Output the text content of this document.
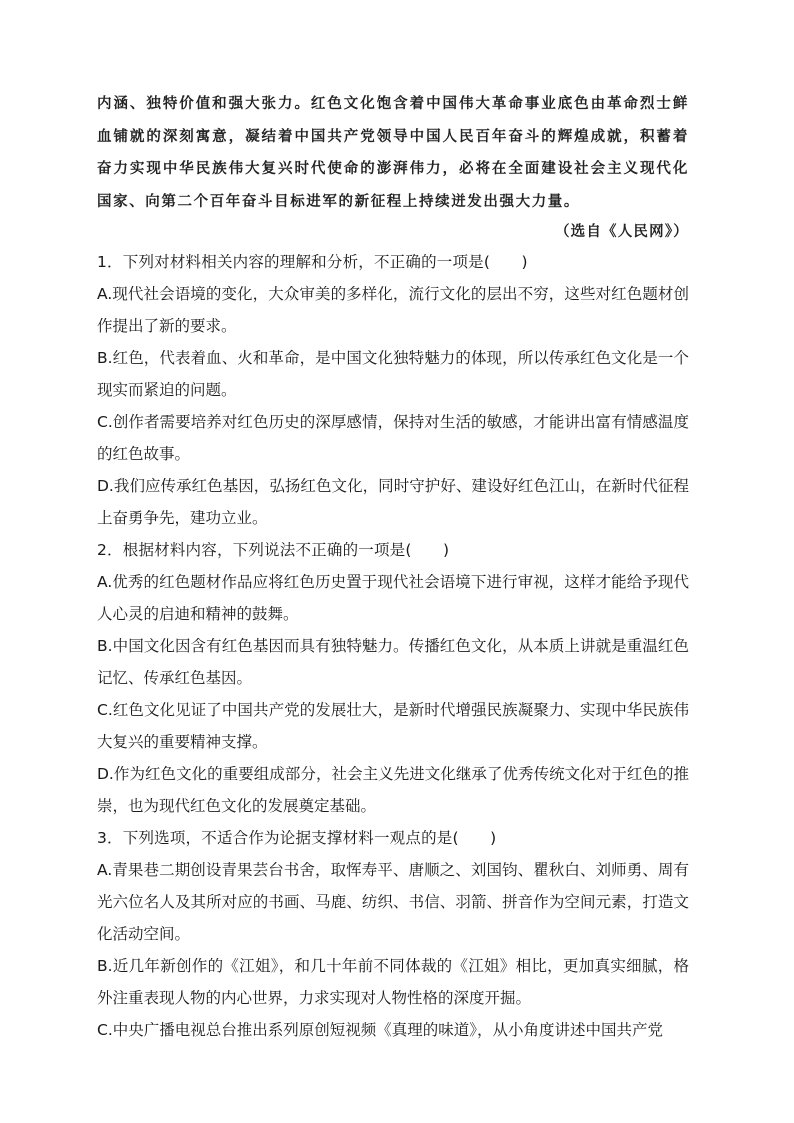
内涵、独特价值和强大张力。红色文化饱含着中国伟大革命事业底色由革命烈士鲜血铺就的深刻寓意，凝结着中国共产党领导中国人民百年奋斗的辉煌成就，积蓄着奋力实现中华民族伟大复兴时代使命的澎湃伟力，必将在全面建设社会主义现代化国家、向第二个百年奋斗目标进军的新征程上持续迸发出强大力量。

（选自《人民网》）

1．下列对材料相关内容的理解和分析，不正确的一项是(　　)

A.现代社会语境的变化，大众审美的多样化，流行文化的层出不穷，这些对红色题材创作提出了新的要求。

B.红色，代表着血、火和革命，是中国文化独特魅力的体现，所以传承红色文化是一个现实而紧迫的问题。

C.创作者需要培养对红色历史的深厚感情，保持对生活的敏感，才能讲出富有情感温度的红色故事。

D.我们应传承红色基因，弘扬红色文化，同时守护好、建设好红色江山，在新时代征程上奋勇争先，建功立业。

2．根据材料内容，下列说法不正确的一项是(　　)

A.优秀的红色题材作品应将红色历史置于现代社会语境下进行审视，这样才能给予现代人心灵的启迪和精神的鼓舞。

B.中国文化因含有红色基因而具有独特魅力。传播红色文化，从本质上讲就是重温红色记忆、传承红色基因。

C.红色文化见证了中国共产党的发展壮大，是新时代增强民族凝聚力、实现中华民族伟大复兴的重要精神支撑。

D.作为红色文化的重要组成部分，社会主义先进文化继承了优秀传统文化对于红色的推崇，也为现代红色文化的发展奠定基础。

3．下列选项，不适合作为论据支撑材料一观点的是(　　)

A.青果巷二期创设青果芸台书舍，取恽寿平、唐顺之、刘国钧、瞿秋白、刘师勇、周有光六位名人及其所对应的书画、马鹿、纺织、书信、羽箭、拼音作为空间元素，打造文化活动空间。

B.近几年新创作的《江姐》，和几十年前不同体裁的《江姐》相比，更加真实细腻，格外注重表现人物的内心世界，力求实现对人物性格的深度开掘。

C.中央广播电视总台推出系列原创短视频《真理的味道》，从小角度讲述中国共产党
